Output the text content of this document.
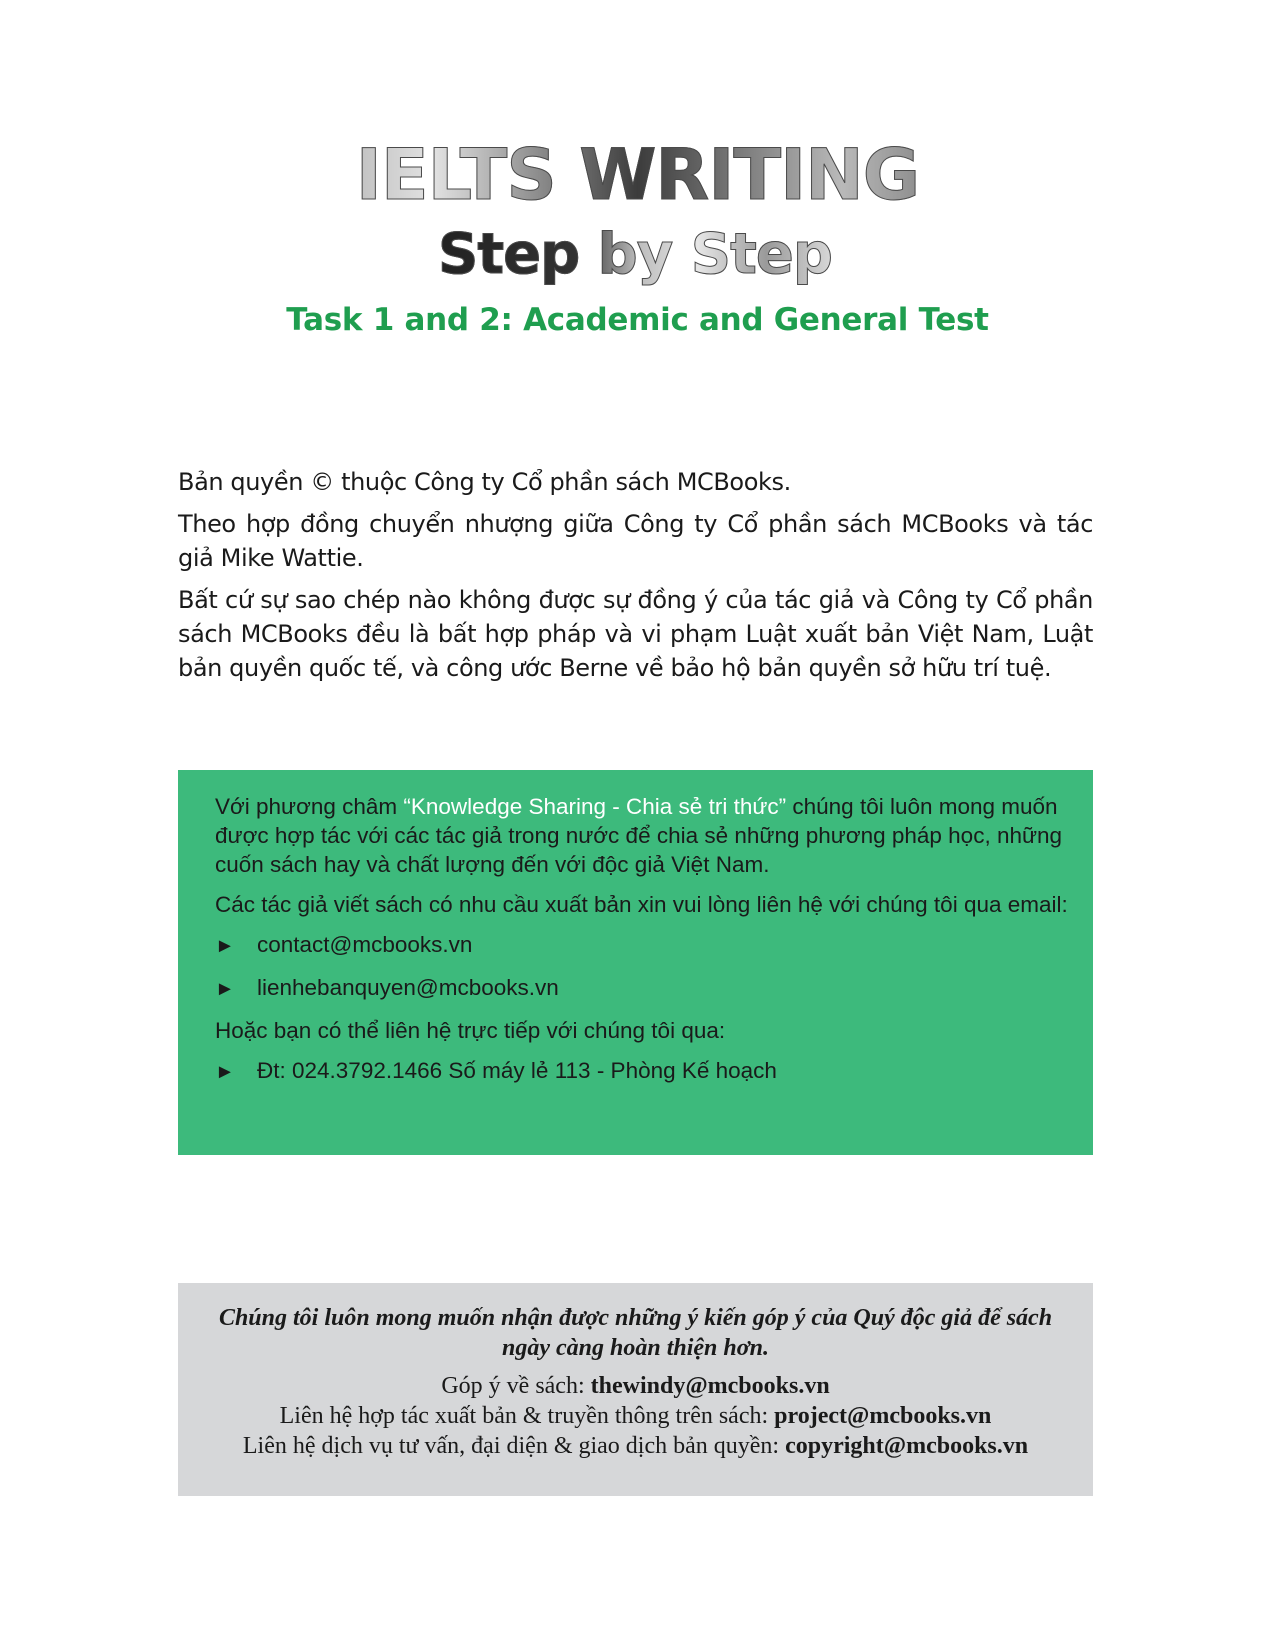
IELTS WRITING
Step by Step
Task 1 and 2: Academic and General Test

Bản quyền © thuộc Công ty Cổ phần sách MCBooks.

Theo hợp đồng chuyển nhượng giữa Công ty Cổ phần sách MCBooks và tác giả Mike Wattie.

Bất cứ sự sao chép nào không được sự đồng ý của tác giả và Công ty Cổ phần sách MCBooks đều là bất hợp pháp và vi phạm Luật xuất bản Việt Nam, Luật bản quyền quốc tế, và công ước Berne về bảo hộ bản quyền sở hữu trí tuệ.

Với phương châm “Knowledge Sharing - Chia sẻ tri thức” chúng tôi luôn mong muốn được hợp tác với các tác giả trong nước để chia sẻ những phương pháp học, những cuốn sách hay và chất lượng đến với độc giả Việt Nam.

Các tác giả viết sách có nhu cầu xuất bản xin vui lòng liên hệ với chúng tôi qua email:

► contact@mcbooks.vn
► lienhebanquyen@mcbooks.vn

Hoặc bạn có thể liên hệ trực tiếp với chúng tôi qua:

► Đt: 024.3792.1466 Số máy lẻ 113 - Phòng Kế hoạch

Chúng tôi luôn mong muốn nhận được những ý kiến góp ý của Quý độc giả để sách ngày càng hoàn thiện hơn.

Góp ý về sách: thewindy@mcbooks.vn

Liên hệ hợp tác xuất bản & truyền thông trên sách: project@mcbooks.vn

Liên hệ dịch vụ tư vấn, đại diện & giao dịch bản quyền: copyright@mcbooks.vn
